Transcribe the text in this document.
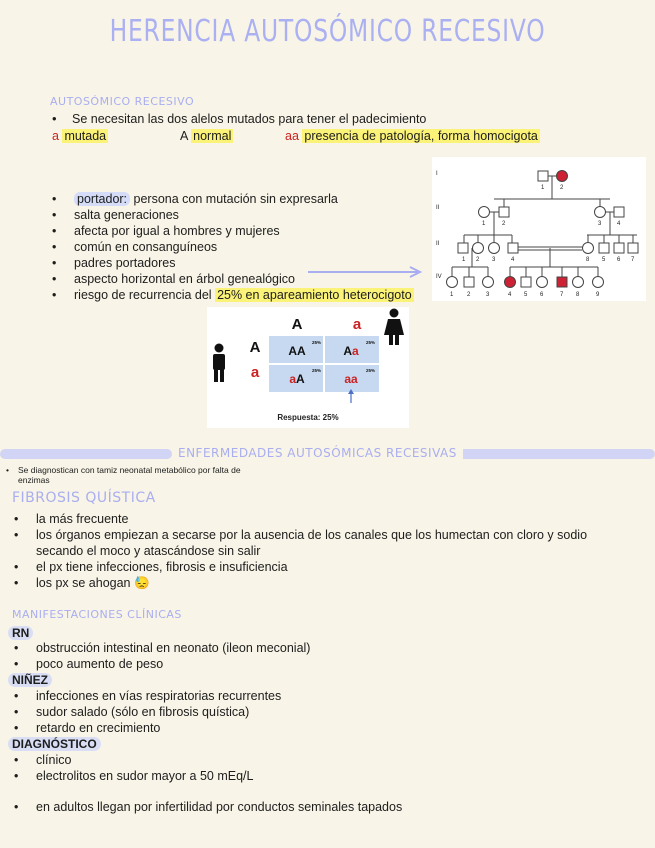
HERENCIA AUTOSÓMICO RECESIVO
AUTOSÓMICO RECESIVO
•	Se necesitan las dos alelos mutados para tener el padecimiento
a mutada	A normal	aa presencia de patología, forma homocigota
•	portador: persona con mutación sin expresarla
•	salta generaciones
•	afecta por igual a hombres y mujeres
•	común en consanguíneos
•	padres portadores
•	aspecto horizontal en árbol genealógico
•	riesgo de recurrencia del 25% en apareamiento heterocigoto
I
II
II
IV
1	2
1	2	3	4
1 2 3	4	5 6 7
8
1 2	3	4 5 6	7 8	9
A	a
A
a
AA	Aa
aA	aa
25%	25%
25%	25%
Respuesta: 25%
ENFERMEDADES AUTOSÓMICAS RECESIVAS
•	Se diagnostican con tamiz neonatal metabólico por falta de
enzimas
FIBROSIS QUÍSTICA
•	la más frecuente
•	los órganos empiezan a secarse por la ausencia de los canales que los humectan con cloro y sodio
secando el moco y atascándose sin salir
•	el px tiene infecciones, fibrosis e insuficiencia
•	los px se ahogan 😓
MANIFESTACIONES CLÍNICAS
RN
•	obstrucción intestinal en neonato (ileon meconial)
•	poco aumento de peso
NIÑEZ
•	infecciones en vías respiratorias recurrentes
•	sudor salado (sólo en fibrosis quística)
•	retardo en crecimiento
DIAGNÓSTICO
•	clínico
•	electrolitos en sudor mayor a 50 mEq/L
•	en adultos llegan por infertilidad por conductos seminales tapados
